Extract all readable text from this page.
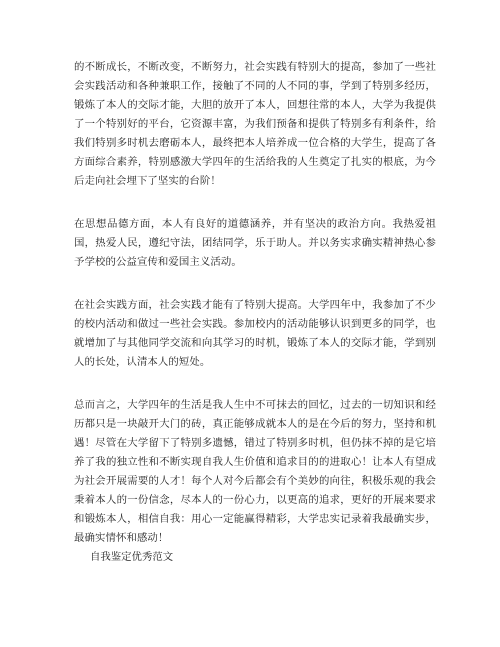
的不断成长，不断改变，不断努力，社会实践有特别大的提高，参加了一些社会实践活动和各种兼职工作，接触了不同的人不同的事，学到了特别多经历，锻炼了本人的交际才能，大胆的放开了本人，回想往常的本人，大学为我提供了一个特别好的平台，它资源丰富，为我们预备和提供了特别多有利条件，给我们特别多时机去磨砺本人，最终把本人培养成一位合格的大学生，提高了各方面综合素养，特别感激大学四年的生活给我的人生奠定了扎实的根底，为今后走向社会埋下了坚实的台阶！

在思想品德方面，本人有良好的道德涵养，并有坚决的政治方向。我热爱祖国，热爱人民，遵纪守法，团结同学，乐于助人。并以务实求确实精神热心参予学校的公益宣传和爱国主义活动。

在社会实践方面，社会实践才能有了特别大提高。大学四年中，我参加了不少的校内活动和做过一些社会实践。参加校内的活动能够认识到更多的同学，也就增加了与其他同学交流和向其学习的时机，锻炼了本人的交际才能，学到别人的长处，认清本人的短处。

总而言之，大学四年的生活是我人生中不可抹去的回忆，过去的一切知识和经历都只是一块敲开大门的砖，真正能够成就本人的是在今后的努力，坚持和机遇！尽管在大学留下了特别多遗憾，错过了特别多时机，但仍抹不掉的是它培养了我的独立性和不断实现自我人生价值和追求目的的进取心！让本人有望成为社会开展需要的人才！每个人对今后都会有个美妙的向往，积极乐观的我会秉着本人的一份信念，尽本人的一份心力，以更高的追求，更好的开展来要求和锻炼本人，相信自我：用心一定能赢得精彩，大学忠实记录着我最确实步，最确实情怀和感动！

自我鉴定优秀范文
